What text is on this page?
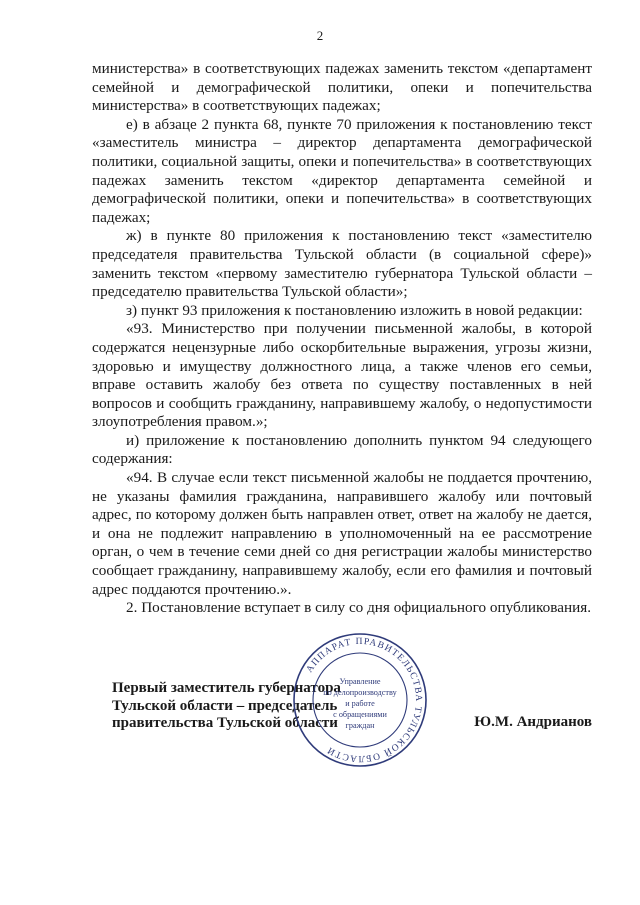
2

министерства» в соответствующих падежах заменить текстом «департамент семейной и демографической политики, опеки и попечительства министерства» в соответствующих падежах;

е) в абзаце 2 пункта 68, пункте 70 приложения к постановлению текст «заместитель министра – директор департамента демографической политики, социальной защиты, опеки и попечительства» в соответствующих падежах заменить текстом «директор департамента семейной и демографической политики, опеки и попечительства» в соответствующих падежах;

ж) в пункте 80 приложения к постановлению текст «заместителю председателя правительства Тульской области (в социальной сфере)» заменить текстом «первому заместителю губернатора Тульской области – председателю правительства Тульской области»;

з) пункт 93 приложения к постановлению изложить в новой редакции:

«93. Министерство при получении письменной жалобы, в которой содержатся нецензурные либо оскорбительные выражения, угрозы жизни, здоровью и имуществу должностного лица, а также членов его семьи, вправе оставить жалобу без ответа по существу поставленных в ней вопросов и сообщить гражданину, направившему жалобу, о недопустимости злоупотребления правом.»;

и) приложение к постановлению дополнить пунктом 94 следующего содержания:

«94. В случае если текст письменной жалобы не поддается прочтению, не указаны фамилия гражданина, направившего жалобу или почтовый адрес, по которому должен быть направлен ответ, ответ на жалобу не дается, и она не подлежит направлению в уполномоченный на ее рассмотрение орган, о чем в течение семи дней со дня регистрации жалобы министерство сообщает гражданину, направившему жалобу, если его фамилия и почтовый адрес поддаются прочтению.».

2. Постановление вступает в силу со дня официального опубликования.

Первый заместитель губернатора
Тульской области – председатель
правительства Тульской области	Ю.М. Андрианов
АППАРАТ ПРАВИТЕЛЬСТВА ТУЛЬСКОЙ ОБЛАСТИ
Управление
по делопроизводству
и работе
с обращениями
граждан
